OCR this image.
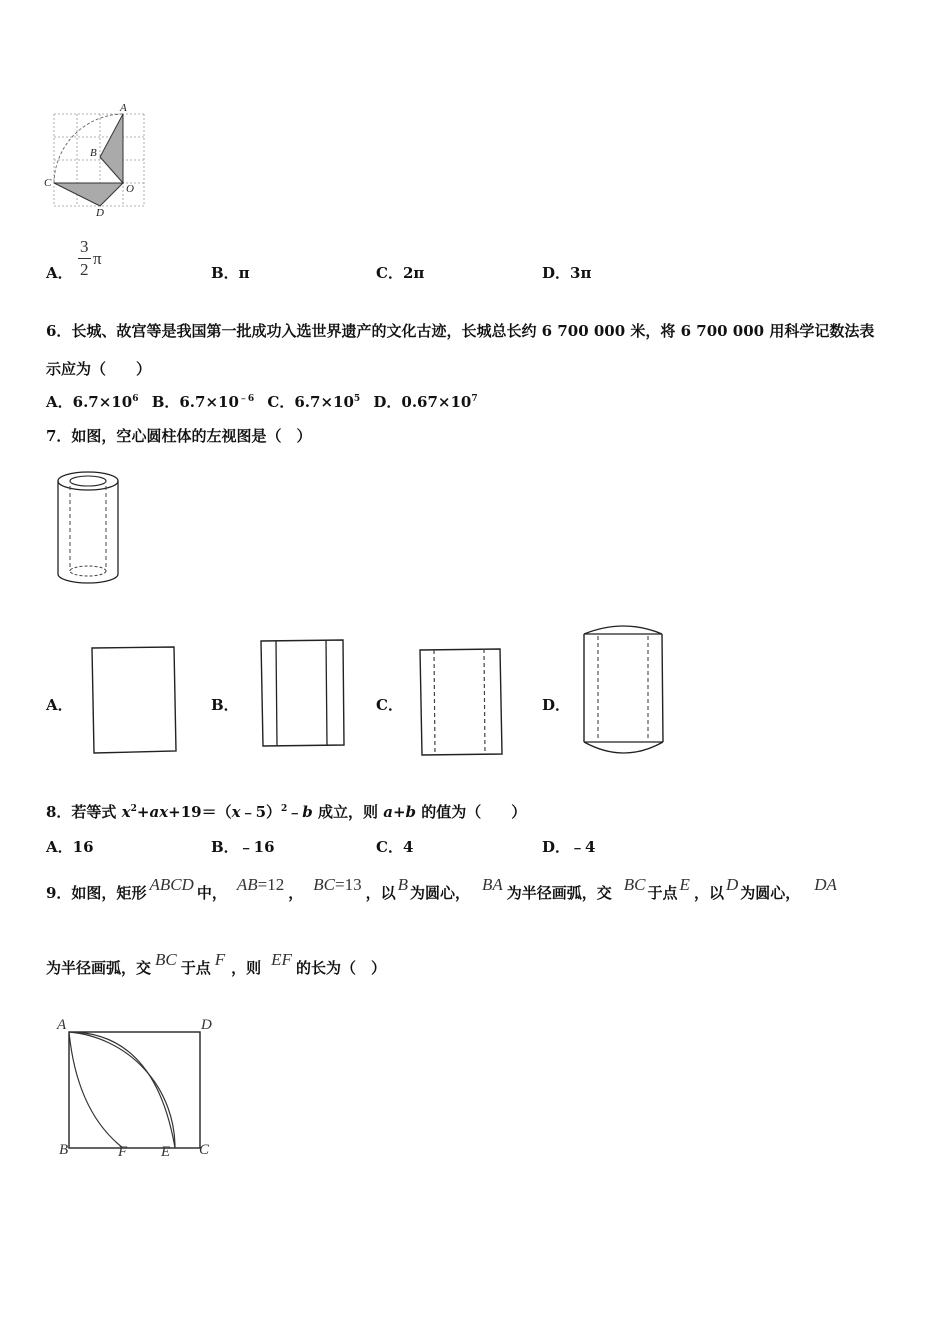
A
B
C
D
O
A．
3
2
π
B．π	C．2π	D．3π
6．长城、故宫等是我国第一批成功入选世界遗产的文化古迹，长城总长约 6 700 000 米，将 6 700 000 用科学记数法表
示应为（　　）
A．$6.7\times 10^6$ B．$6.7\times 10^{﹣6}$ C．$6.7\times 10^5$ D．$0.67\times 10^7$
7．如图，空心圆柱体的左视图是（　）
A．	B．	C．	D．
8．若等式 $x^2+ax+19=(x﹣5)^2﹣b$ 成立，则 a+b 的值为（　　）
A．16	B．﹣16	C．4	D．﹣4
9．如图，矩形 ABCD 中， AB=12 ， BC=13 ，以 B 为圆心， BA 为半径画弧，交 BC 于点 E ，以 D 为圆心， DA
为半径画弧，交 BC 于点 F ，则 EF 的长为（　）
A	D
B	F E C
